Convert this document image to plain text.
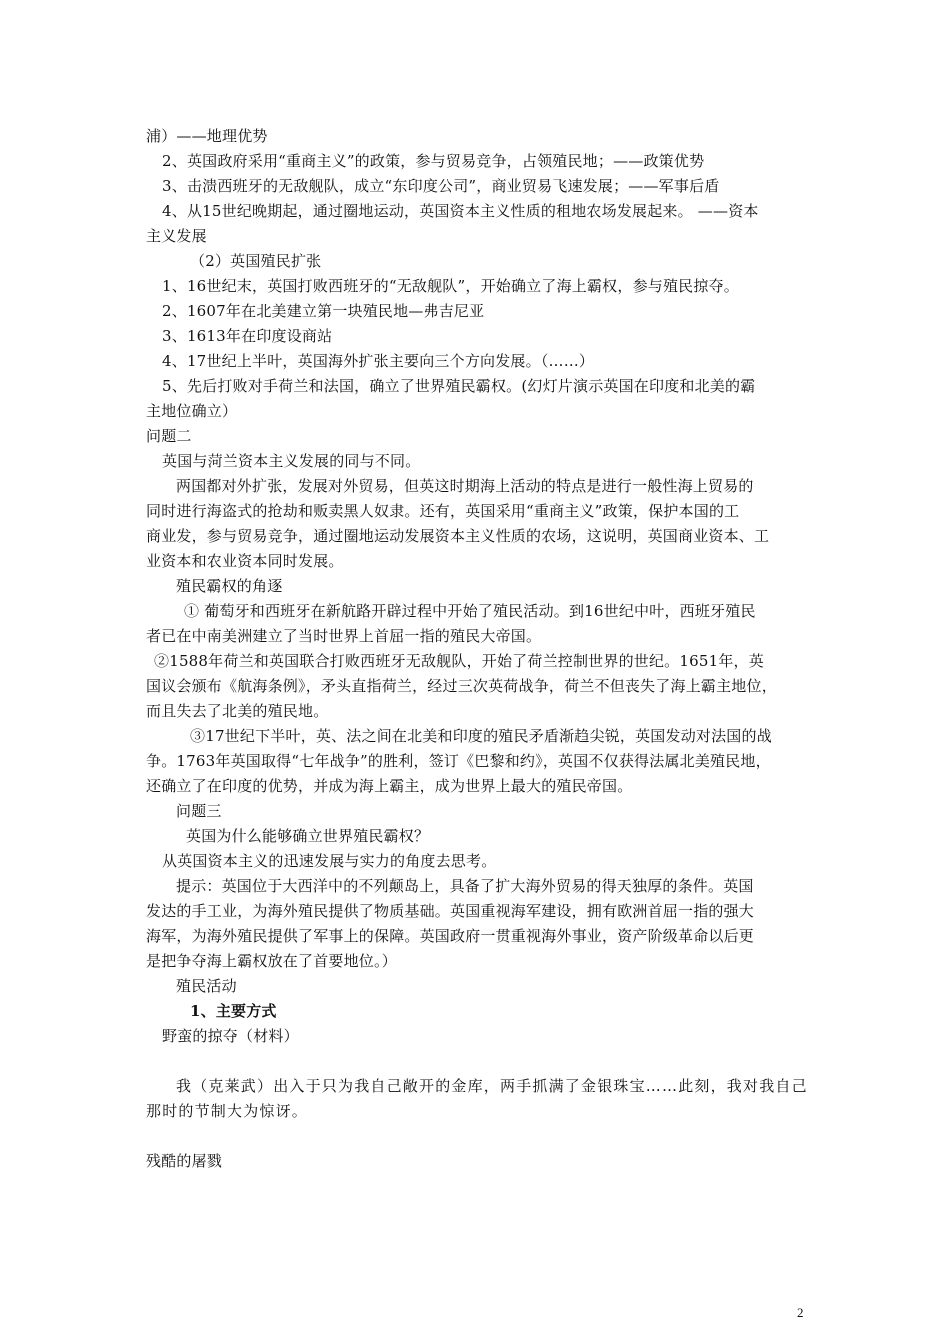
浦）——地理优势
2、英国政府采用“重商主义”的政策，参与贸易竞争，占领殖民地；——政策优势
3、击溃西班牙的无敌舰队，成立“东印度公司”，商业贸易飞速发展；——军事后盾
4、从15世纪晚期起，通过圈地运动，英国资本主义性质的租地农场发展起来。 ——资本
主义发展
（2）英国殖民扩张
1、16世纪末，英国打败西班牙的“无敌舰队”，开始确立了海上霸权，参与殖民掠夺。
2、1607年在北美建立第一块殖民地—弗吉尼亚
3、1613年在印度设商站
4、17世纪上半叶，英国海外扩张主要向三个方向发展。（……）
5、先后打败对手荷兰和法国，确立了世界殖民霸权。(幻灯片演示英国在印度和北美的霸
主地位确立）
问题二
英国与菏兰资本主义发展的同与不同。
两国都对外扩张，发展对外贸易，但英这时期海上活动的特点是进行一般性海上贸易的
同时进行海盗式的抢劫和贩卖黑人奴隶。还有，英国采用“重商主义”政策，保护本国的工
商业发，参与贸易竞争，通过圈地运动发展资本主义性质的农场，这说明，英国商业资本、工
业资本和农业资本同时发展。
殖民霸权的角逐
① 葡萄牙和西班牙在新航路开辟过程中开始了殖民活动。到16世纪中叶，西班牙殖民
者已在中南美洲建立了当时世界上首屈一指的殖民大帝国。
②1588年荷兰和英国联合打败西班牙无敌舰队，开始了荷兰控制世界的世纪。1651年，英
国议会颁布《航海条例》，矛头直指荷兰，经过三次英荷战争，荷兰不但丧失了海上霸主地位，
而且失去了北美的殖民地。
③17世纪下半叶，英、法之间在北美和印度的殖民矛盾渐趋尖锐，英国发动对法国的战
争。1763年英国取得“七年战争”的胜利，签订《巴黎和约》，英国不仅获得法属北美殖民地，
还确立了在印度的优势，并成为海上霸主，成为世界上最大的殖民帝国。
问题三
英国为什么能够确立世界殖民霸权？
从英国资本主义的迅速发展与实力的角度去思考。
提示：英国位于大西洋中的不列颠岛上，具备了扩大海外贸易的得天独厚的条件。英国
发达的手工业，为海外殖民提供了物质基础。英国重视海军建设，拥有欧洲首屈一指的强大
海军，为海外殖民提供了军事上的保障。英国政府一贯重视海外事业，资产阶级革命以后更
是把争夺海上霸权放在了首要地位。）
殖民活动
1、主要方式
野蛮的掠夺（材料）
我（克莱武）出入于只为我自己敞开的金库，两手抓满了金银珠宝……此刻，我对我自己
那时的节制大为惊讶。
残酷的屠戮
2
